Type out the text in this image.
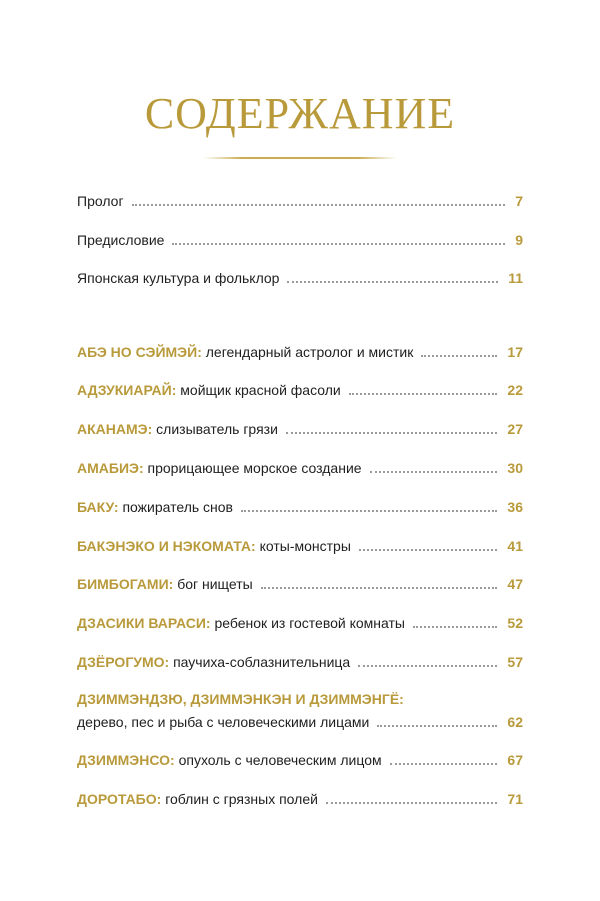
СОДЕРЖАНИЕ
Пролог	7
Предисловие	9
Японская культура и фольклор	11
АБЭ НО СЭЙМЭЙ: легендарный астролог и мистик	17
АДЗУКИАРАЙ: мойщик красной фасоли	22
АКАНАМЭ: слизыватель грязи	27
АМАБИЭ: прорицающее морское создание	30
БАКУ: пожиратель снов	36
БАКЭНЭКО И НЭКОМАТА: коты-монстры	41
БИМБОГАМИ: бог нищеты	47
ДЗАСИКИ ВАРАСИ: ребенок из гостевой комнаты	52
ДЗЁРОГУМО: паучиха-соблазнительница	57
ДЗИММЭНДЗЮ, ДЗИММЭНКЭН И ДЗИММЭНГЁ:
дерево, пес и рыба с человеческими лицами	62
ДЗИММЭНСО: опухоль с человеческим лицом	67
ДОРОТАБО: гоблин с грязных полей	71
